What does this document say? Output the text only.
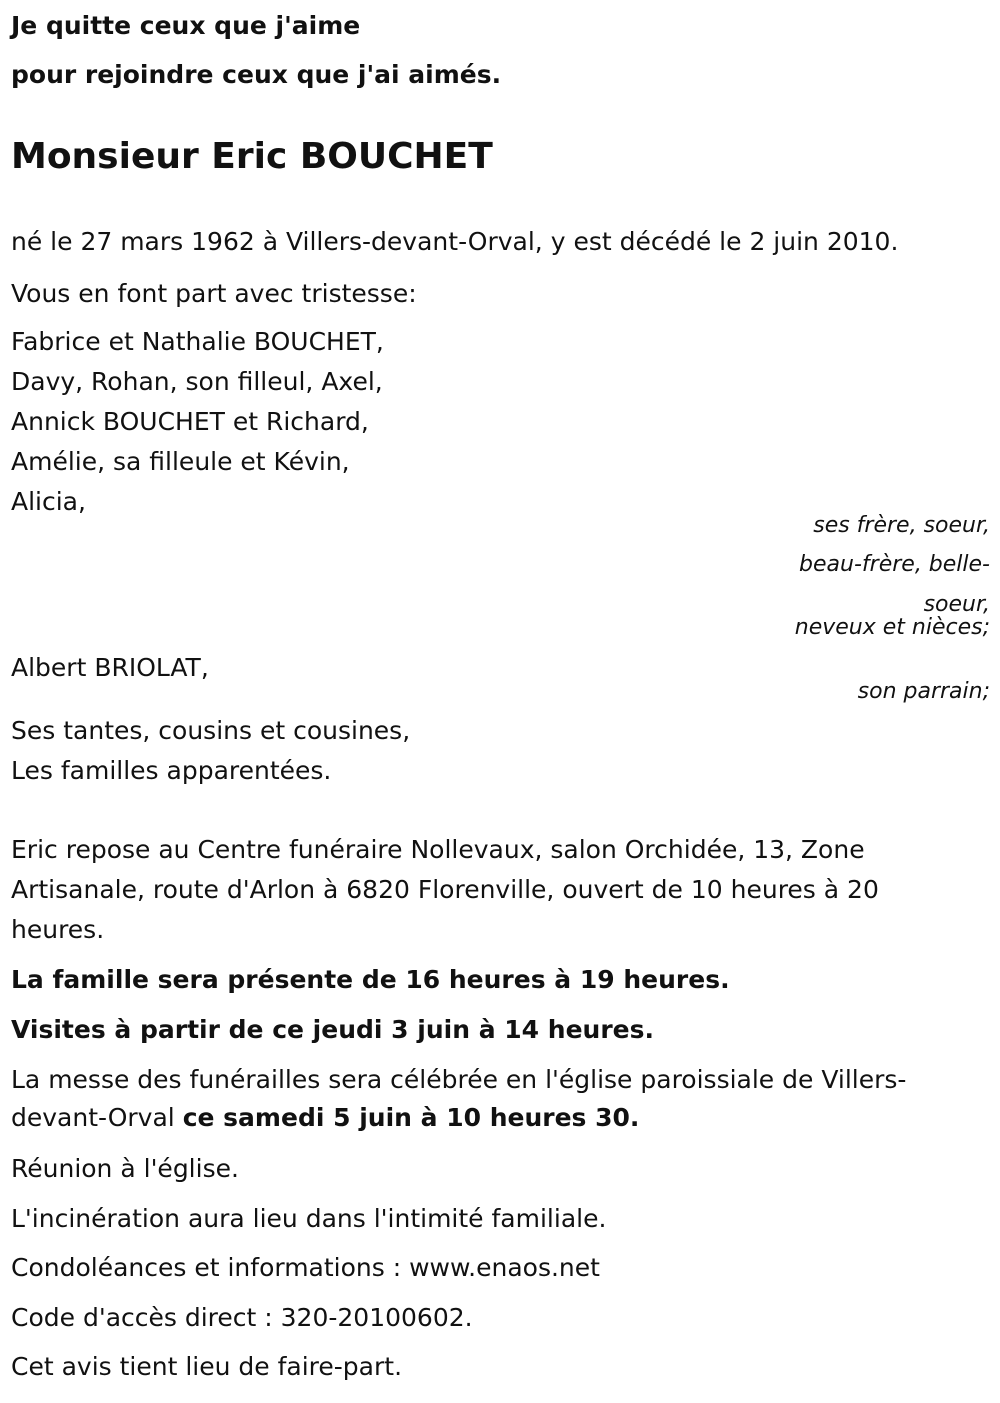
Je quitte ceux que j'aime

pour rejoindre ceux que j'ai aimés.

Monsieur Eric BOUCHET

né le 27 mars 1962 à Villers-devant-Orval, y est décédé le 2 juin 2010.

Vous en font part avec tristesse:

Fabrice et Nathalie BOUCHET,

Davy, Rohan, son filleul, Axel,

Annick BOUCHET et Richard,

Amélie, sa filleule et Kévin,

Alicia,

ses frère, soeur,

beau-frère, belle-

soeur,

neveux et nièces;

Albert BRIOLAT,

son parrain;

Ses tantes, cousins et cousines,

Les familles apparentées.

Eric repose au Centre funéraire Nollevaux, salon Orchidée, 13, Zone

Artisanale, route d'Arlon à 6820 Florenville, ouvert de 10 heures à 20

heures.

La famille sera présente de 16 heures à 19 heures.

Visites à partir de ce jeudi 3 juin à 14 heures.

La messe des funérailles sera célébrée en l'église paroissiale de Villers-

devant-Orval ce samedi 5 juin à 10 heures 30.

Réunion à l'église.

L'incinération aura lieu dans l'intimité familiale.

Condoléances et informations : www.enaos.net

Code d'accès direct : 320-20100602.

Cet avis tient lieu de faire-part.
